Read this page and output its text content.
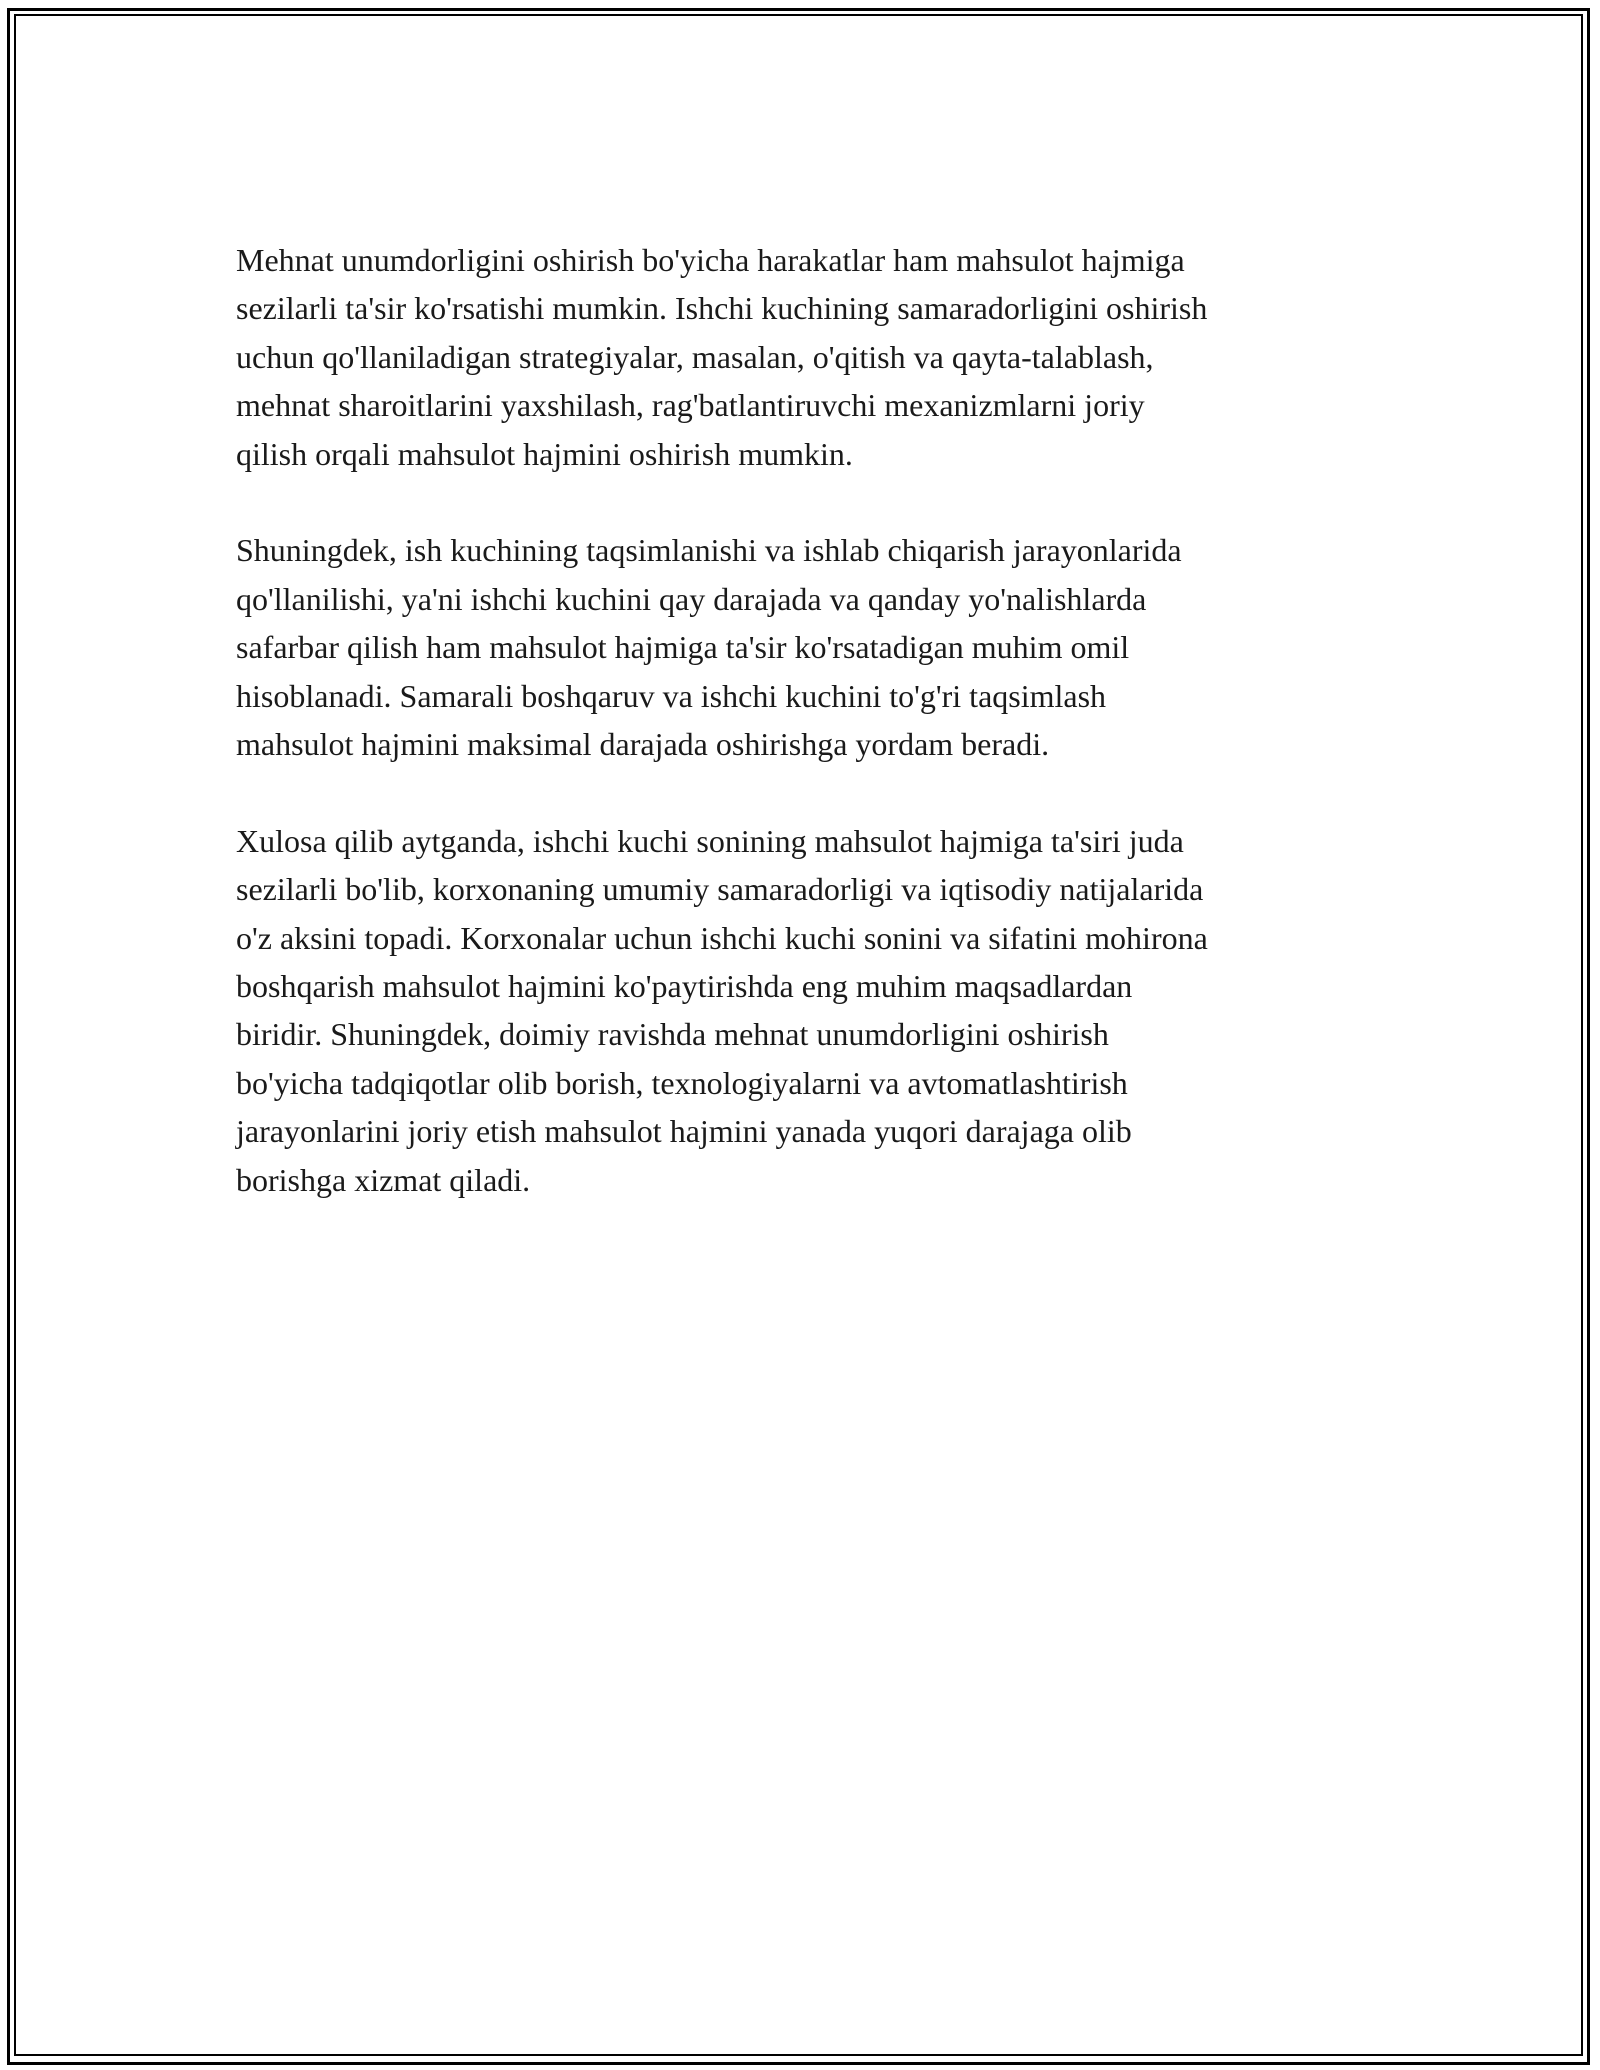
Mehnat unumdorligini oshirish bo'yicha harakatlar ham mahsulot hajmiga
sezilarli ta'sir ko'rsatishi mumkin. Ishchi kuchining samaradorligini oshirish
uchun qo'llaniladigan strategiyalar, masalan, o'qitish va qayta-talablash,
mehnat sharoitlarini yaxshilash, rag'batlantiruvchi mexanizmlarni joriy
qilish orqali mahsulot hajmini oshirish mumkin.

Shuningdek, ish kuchining taqsimlanishi va ishlab chiqarish jarayonlarida
qo'llanilishi, ya'ni ishchi kuchini qay darajada va qanday yo'nalishlarda
safarbar qilish ham mahsulot hajmiga ta'sir ko'rsatadigan muhim omil
hisoblanadi. Samarali boshqaruv va ishchi kuchini to'g'ri taqsimlash
mahsulot hajmini maksimal darajada oshirishga yordam beradi.

Xulosa qilib aytganda, ishchi kuchi sonining mahsulot hajmiga ta'siri juda
sezilarli bo'lib, korxonaning umumiy samaradorligi va iqtisodiy natijalarida
o'z aksini topadi. Korxonalar uchun ishchi kuchi sonini va sifatini mohirona
boshqarish mahsulot hajmini ko'paytirishda eng muhim maqsadlardan
biridir. Shuningdek, doimiy ravishda mehnat unumdorligini oshirish
bo'yicha tadqiqotlar olib borish, texnologiyalarni va avtomatlashtirish
jarayonlarini joriy etish mahsulot hajmini yanada yuqori darajaga olib
borishga xizmat qiladi.
